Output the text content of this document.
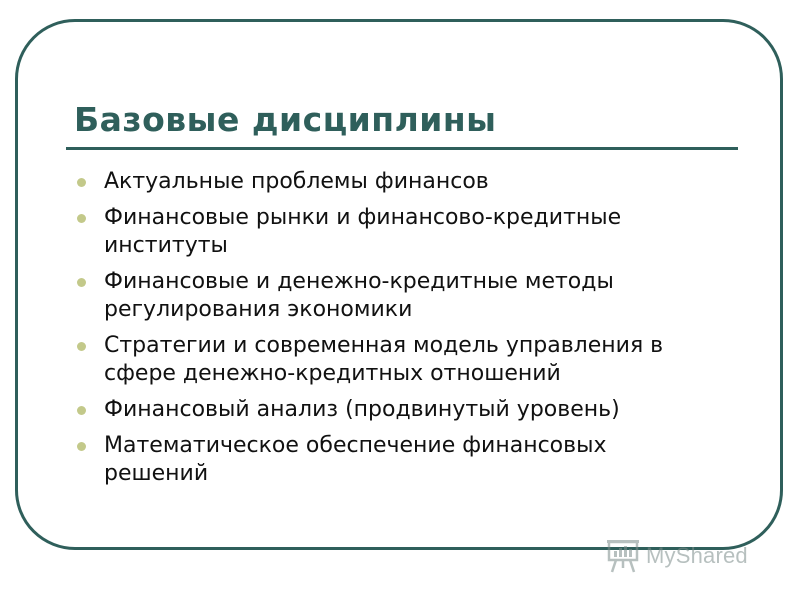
Базовые дисциплины
Актуальные проблемы финансов
Финансовые рынки и финансово-кредитные институты
Финансовые и денежно-кредитные методы регулирования экономики
Стратегии и современная модель управления в сфере денежно-кредитных отношений
Финансовый анализ (продвинутый уровень)
Математическое обеспечение финансовых решений
MyShared
